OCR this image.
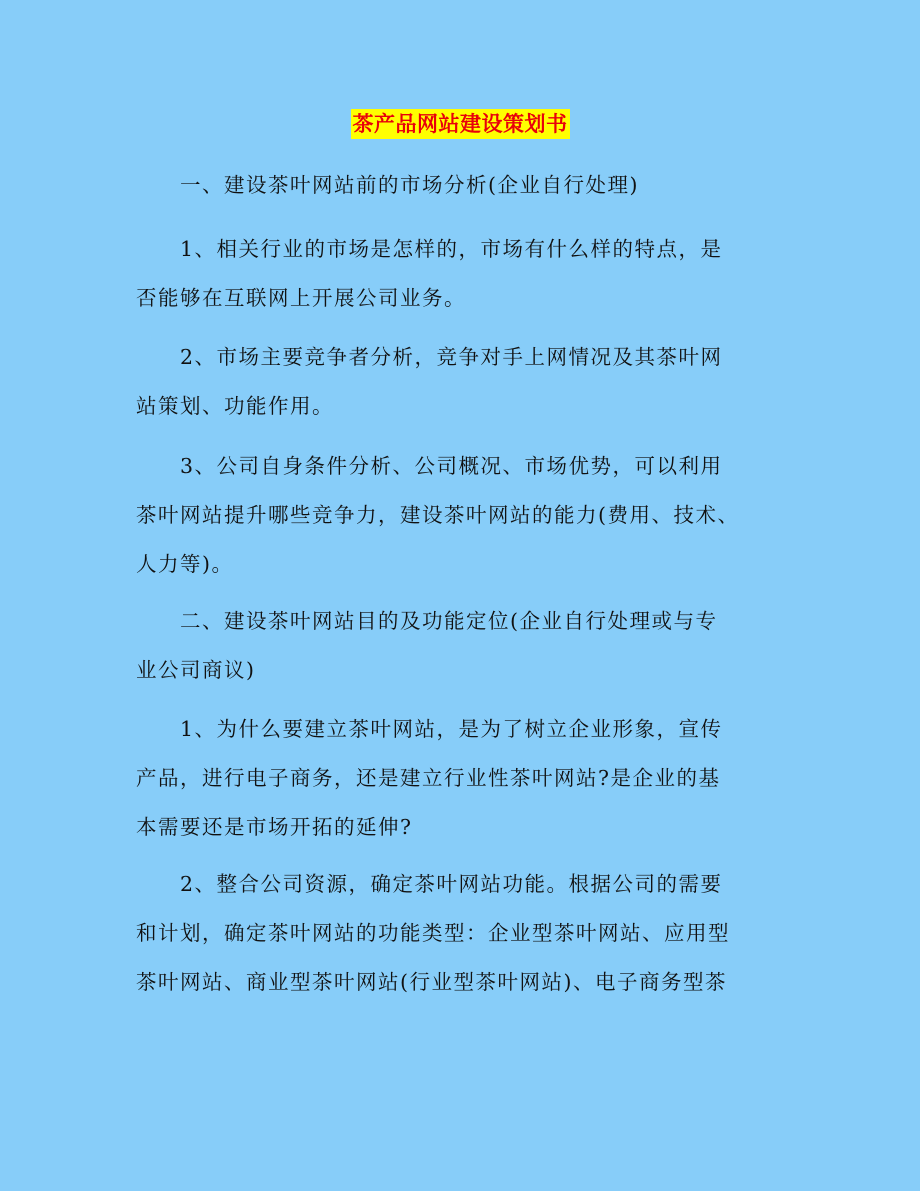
茶产品网站建设策划书
一、建设茶叶网站前的市场分析(企业自行处理)
1、相关行业的市场是怎样的，市场有什么样的特点，是
否能够在互联网上开展公司业务。
2、市场主要竞争者分析，竞争对手上网情况及其茶叶网
站策划、功能作用。
3、公司自身条件分析、公司概况、市场优势，可以利用
茶叶网站提升哪些竞争力，建设茶叶网站的能力(费用、技术、
人力等)。
二、建设茶叶网站目的及功能定位(企业自行处理或与专
业公司商议)
1、为什么要建立茶叶网站，是为了树立企业形象，宣传
产品，进行电子商务，还是建立行业性茶叶网站?是企业的基
本需要还是市场开拓的延伸?
2、整合公司资源，确定茶叶网站功能。根据公司的需要
和计划，确定茶叶网站的功能类型：企业型茶叶网站、应用型
茶叶网站、商业型茶叶网站(行业型茶叶网站)、电子商务型茶
